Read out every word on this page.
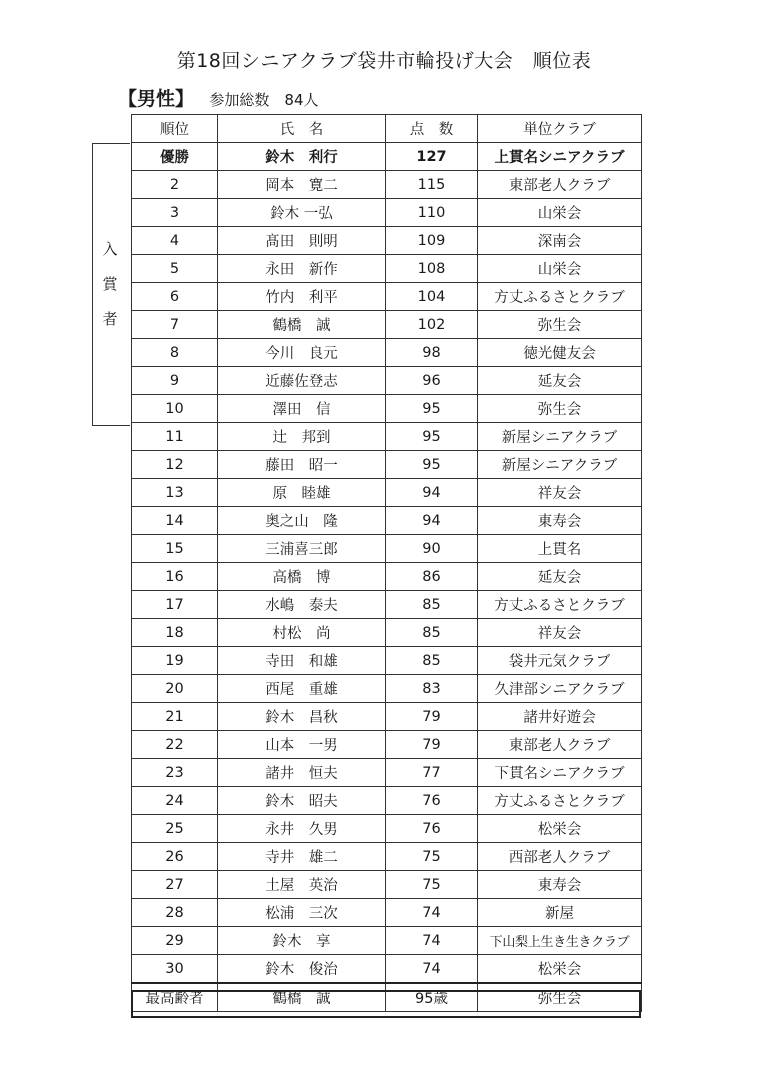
第18回シニアクラブ袋井市輪投げ大会　順位表
【男性】 参加総数　84人
入
賞
者
順位	氏　名	点　数	単位クラブ
優勝	鈴木　利行	127	上貫名シニアクラブ
2	岡本　寛二	115	東部老人クラブ
3	鈴木 一弘	110	山栄会
4	髙田　則明	109	深南会
5	永田　新作	108	山栄会
6	竹内　利平	104	方丈ふるさとクラブ
7	鶴橋　誠	102	弥生会
8	今川　良元	98	徳光健友会
9	近藤佐登志	96	延友会
10	澤田　信	95	弥生会
11	辻　邦到	95	新屋シニアクラブ
12	藤田　昭一	95	新屋シニアクラブ
13	原　睦雄	94	祥友会
14	奥之山　隆	94	東寿会
15	三浦喜三郎	90	上貫名
16	高橋　博	86	延友会
17	水嶋　泰夫	85	方丈ふるさとクラブ
18	村松　尚	85	祥友会
19	寺田　和雄	85	袋井元気クラブ
20	西尾　重雄	83	久津部シニアクラブ
21	鈴木　昌秋	79	諸井好遊会
22	山本　一男	79	東部老人クラブ
23	諸井　恒夫	77	下貫名シニアクラブ
24	鈴木　昭夫	76	方丈ふるさとクラブ
25	永井　久男	76	松栄会
26	寺井　雄二	75	西部老人クラブ
27	土屋　英治	75	東寿会
28	松浦　三次	74	新屋
29	鈴木　享	74	下山梨上生き生きクラブ
30	鈴木　俊治	74	松栄会
最高齢者	鶴橋　誠	95歳	弥生会
